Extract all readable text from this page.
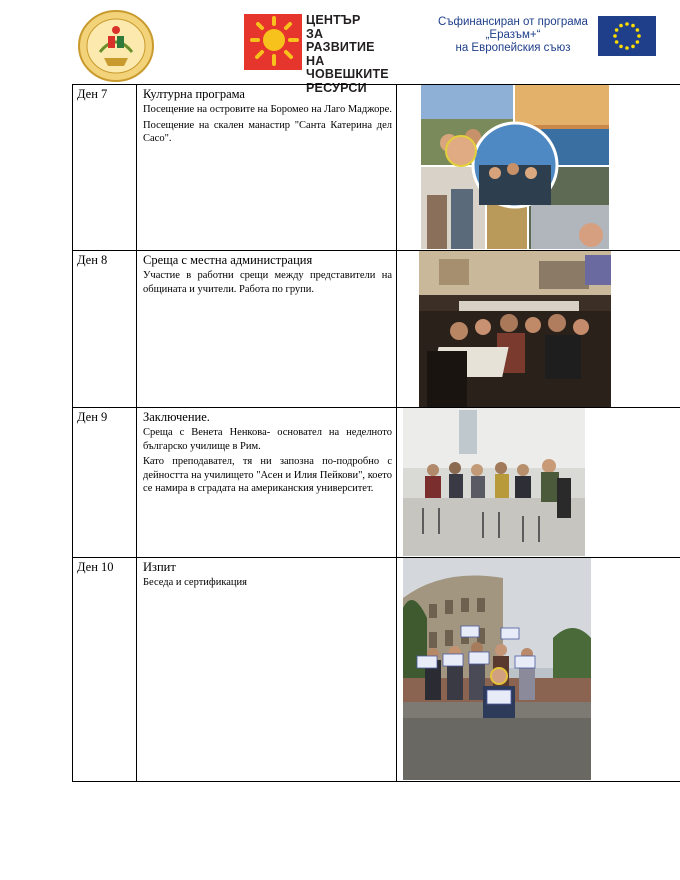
ЦЕНТЪР
ЗА РАЗВИТИЕ
НА ЧОВЕШКИТЕ
РЕСУРСИ
Съфинансиран от програма
„Еразъм+“
на Европейския съюз
Ден 7	Културна програма

Посещение на островите на Боромео на Лаго Маджоре.

Посещение на скален манастир "Санта Катерина дел Сасо".

Ден 8	Среща с местна администрация

Участие в работни срещи между представители на общината и учители. Работа по групи.

Ден 9	Заключение.

Среща с Венета Ненкова- основател на неделното българско училище в Рим.

Като преподавател, тя ни запозна по-подробно с дейността на училището "Асен и Илия Пейкови", което се намира в сградата на американския университет.

Ден 10	Изпит

Беседа и сертификация
